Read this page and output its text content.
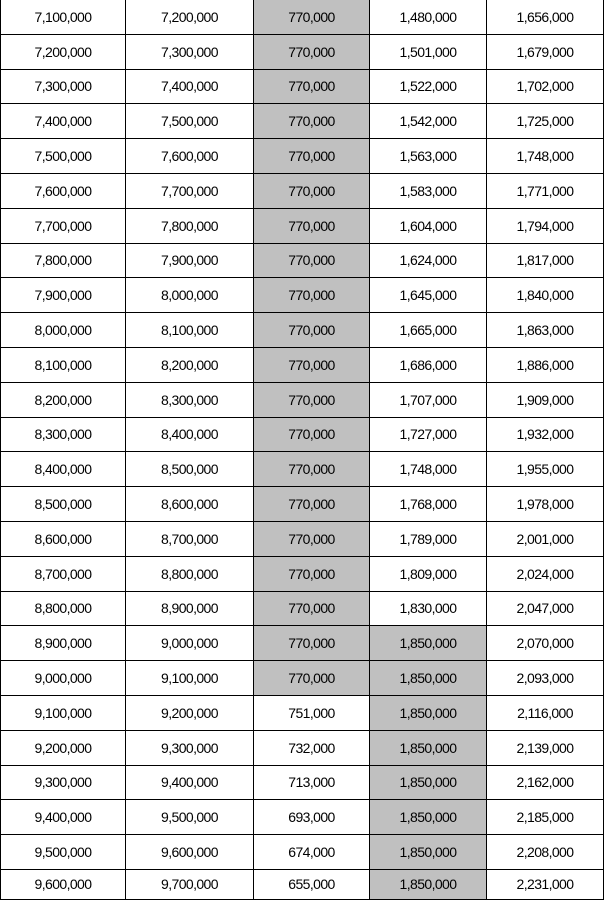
7,100,000	7,200,000	770,000	1,480,000	1,656,000
7,200,000	7,300,000	770,000	1,501,000	1,679,000
7,300,000	7,400,000	770,000	1,522,000	1,702,000
7,400,000	7,500,000	770,000	1,542,000	1,725,000
7,500,000	7,600,000	770,000	1,563,000	1,748,000
7,600,000	7,700,000	770,000	1,583,000	1,771,000
7,700,000	7,800,000	770,000	1,604,000	1,794,000
7,800,000	7,900,000	770,000	1,624,000	1,817,000
7,900,000	8,000,000	770,000	1,645,000	1,840,000
8,000,000	8,100,000	770,000	1,665,000	1,863,000
8,100,000	8,200,000	770,000	1,686,000	1,886,000
8,200,000	8,300,000	770,000	1,707,000	1,909,000
8,300,000	8,400,000	770,000	1,727,000	1,932,000
8,400,000	8,500,000	770,000	1,748,000	1,955,000
8,500,000	8,600,000	770,000	1,768,000	1,978,000
8,600,000	8,700,000	770,000	1,789,000	2,001,000
8,700,000	8,800,000	770,000	1,809,000	2,024,000
8,800,000	8,900,000	770,000	1,830,000	2,047,000
8,900,000	9,000,000	770,000	1,850,000	2,070,000
9,000,000	9,100,000	770,000	1,850,000	2,093,000
9,100,000	9,200,000	751,000	1,850,000	2,116,000
9,200,000	9,300,000	732,000	1,850,000	2,139,000
9,300,000	9,400,000	713,000	1,850,000	2,162,000
9,400,000	9,500,000	693,000	1,850,000	2,185,000
9,500,000	9,600,000	674,000	1,850,000	2,208,000
9,600,000	9,700,000	655,000	1,850,000	2,231,000
